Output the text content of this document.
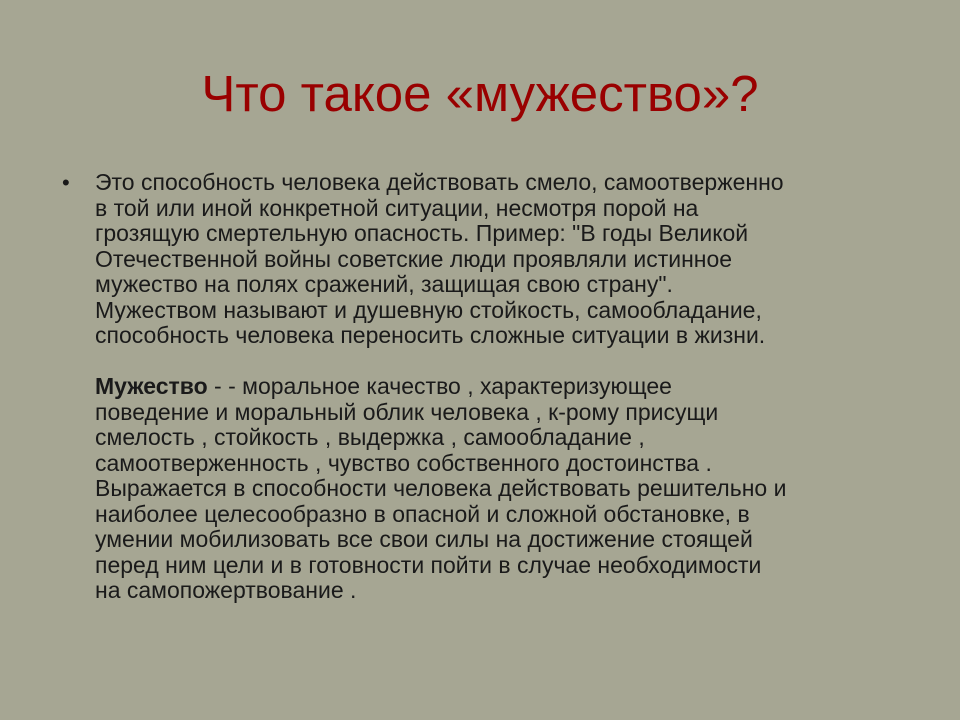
Что такое «мужество»?
• Это способность человека действовать смело, самоотверженно
в той или иной конкретной ситуации, несмотря порой на
грозящую смертельную опасность. Пример: "В годы Великой
Отечественной войны советские люди проявляли истинное
мужество на полях сражений, защищая свою страну".
Мужеством называют и душевную стойкость, самообладание,
способность человека переносить сложные ситуации в жизни.
Мужество - - моральное качество , характеризующее
поведение и моральный облик человека , к-рому присущи
смелость , стойкость , выдержка , самообладание ,
самоотверженность , чувство собственного достоинства .
Выражается в способности человека действовать решительно и
наиболее целесообразно в опасной и сложной обстановке, в
умении мобилизовать все свои силы на достижение стоящей
перед ним цели и в готовности пойти в случае необходимости
на самопожертвование .
